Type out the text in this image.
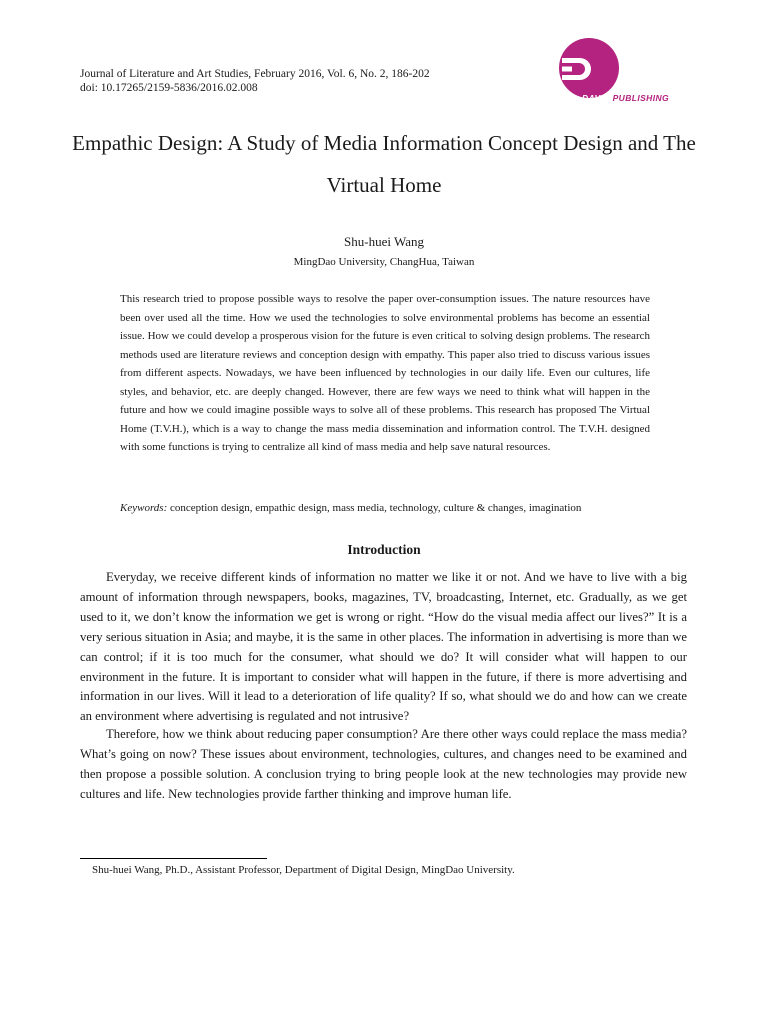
Journal of Literature and Art Studies, February 2016, Vol. 6, No. 2, 186-202
doi: 10.17265/2159-5836/2016.02.008
DAVID PUBLISHING
Empathic Design: A Study of Media Information Concept Design and The Virtual Home
Shu-huei Wang
MingDao University, ChangHua, Taiwan

This research tried to propose possible ways to resolve the paper over-consumption issues. The nature resources have been over used all the time. How we used the technologies to solve environmental problems has become an essential issue. How we could develop a prosperous vision for the future is even critical to solving design problems. The research methods used are literature reviews and conception design with empathy. This paper also tried to discuss various issues from different aspects. Nowadays, we have been influenced by technologies in our daily life. Even our cultures, life styles, and behavior, etc. are deeply changed. However, there are few ways we need to think what will happen in the future and how we could imagine possible ways to solve all of these problems. This research has proposed The Virtual Home (T.V.H.), which is a way to change the mass media dissemination and information control. The T.V.H. designed with some functions is trying to centralize all kind of mass media and help save natural resources.

Keywords: conception design, empathic design, mass media, technology, culture & changes, imagination
Introduction

Everyday, we receive different kinds of information no matter we like it or not. And we have to live with a big amount of information through newspapers, books, magazines, TV, broadcasting, Internet, etc. Gradually, as we get used to it, we don’t know the information we get is wrong or right. “How do the visual media affect our lives?” It is a very serious situation in Asia; and maybe, it is the same in other places. The information in advertising is more than we can control; if it is too much for the consumer, what should we do? It will consider what will happen to our environment in the future. It is important to consider what will happen in the future, if there is more advertising and information in our lives. Will it lead to a deterioration of life quality? If so, what should we do and how can we create an environment where advertising is regulated and not intrusive?

Therefore, how we think about reducing paper consumption? Are there other ways could replace the mass media? What’s going on now? These issues about environment, technologies, cultures, and changes need to be examined and then propose a possible solution. A conclusion trying to bring people look at the new technologies may provide new cultures and life. New technologies provide farther thinking and improve human life.

Shu-huei Wang, Ph.D., Assistant Professor, Department of Digital Design, MingDao University.
